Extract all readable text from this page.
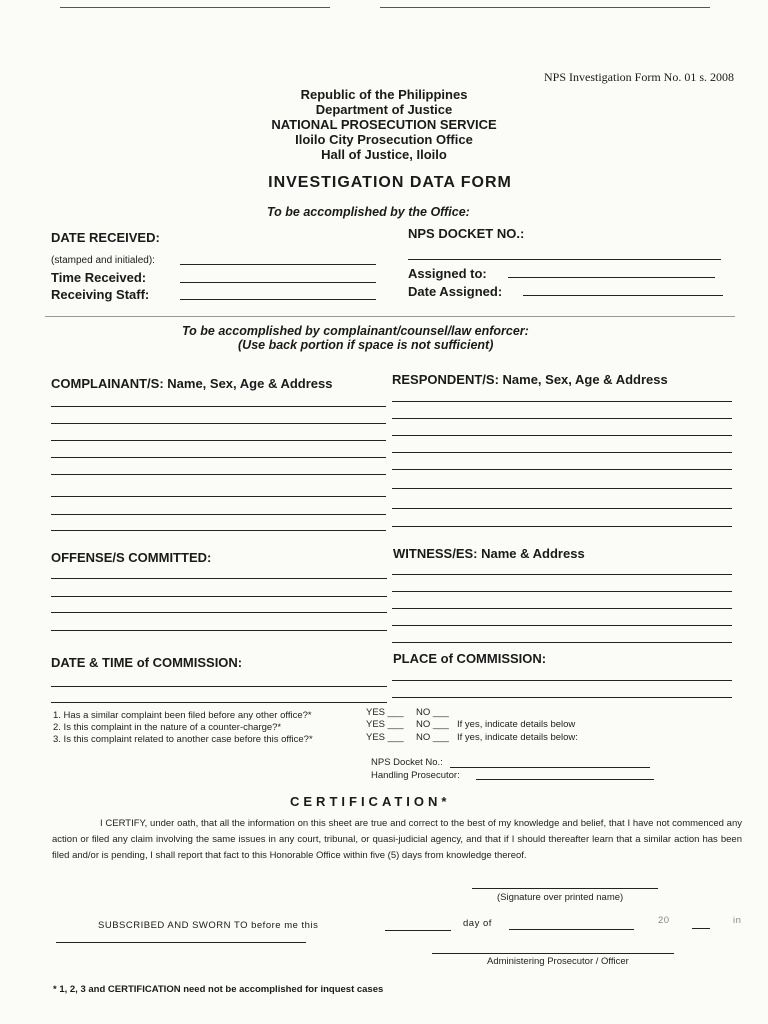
NPS Investigation Form No. 01 s. 2008
Republic of the Philippines
Department of Justice
NATIONAL PROSECUTION SERVICE
Iloilo City Prosecution Office
Hall of Justice, Iloilo
INVESTIGATION DATA FORM
To be accomplished by the Office:
DATE RECEIVED:
(stamped and initialed):
Time Received:
Receiving Staff:
NPS DOCKET NO.:
Assigned to:
Date Assigned:
To be accomplished by complainant/counsel/law enforcer:
(Use back portion if space is not sufficient)
COMPLAINANT/S: Name, Sex, Age & Address	RESPONDENT/S: Name, Sex, Age & Address
OFFENSE/S COMMITTED:	WITNESS/ES: Name & Address
DATE & TIME of COMMISSION:	PLACE of COMMISSION:
1. Has a similar complaint been filed before any other office?*	YES ___ NO ___
2. Is this complaint in the nature of a counter-charge?*	YES ___ NO ___ If yes, indicate details below
3. Is this complaint related to another case before this office?*	YES ___ NO ___ If yes, indicate details below:
NPS Docket No.:
Handling Prosecutor:
CERTIFICATION*
I CERTIFY, under oath, that all the information on this sheet are true and correct to the best of my knowledge and belief, that I have not commenced any action or filed any claim involving the same issues in any court, tribunal, or quasi-judicial agency, and that if I should thereafter learn that a similar action has been filed and/or is pending, I shall report that fact to this Honorable Office within five (5) days from knowledge thereof.
(Signature over printed name)
SUBSCRIBED AND SWORN TO before me this	day of	20	in
Administering Prosecutor / Officer
* 1, 2, 3 and CERTIFICATION need not be accomplished for inquest cases
